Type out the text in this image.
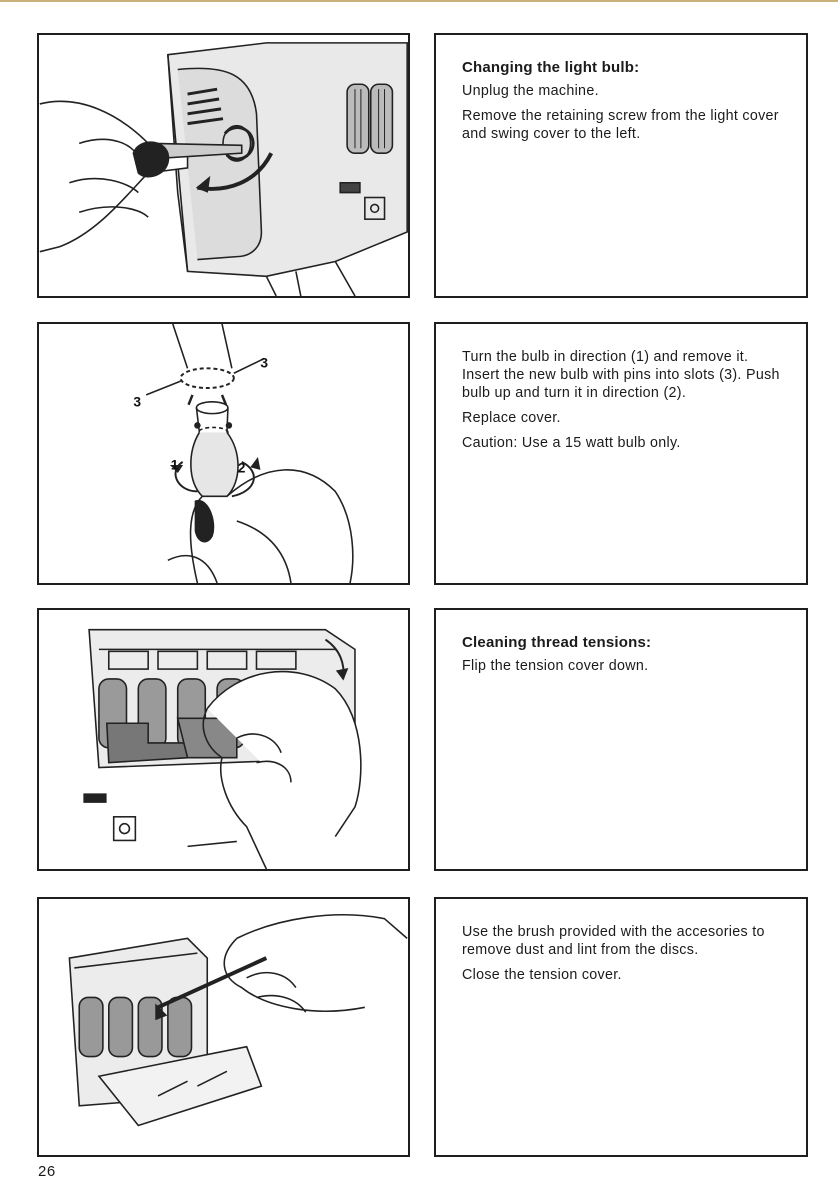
Changing the light bulb:

Unplug the machine.

Remove the retaining screw from the light cover and swing cover to the left.

3
3
1	2

Turn the bulb in direction (1) and remove it. Insert the new bulb with pins into slots (3). Push bulb up and turn it in direction (2).

Replace cover.

Caution: Use a 15 watt bulb only.

Cleaning thread tensions:

Flip the tension cover down.

Use the brush provided with the accesories to remove dust and lint from the discs.

Close the tension cover.

26
